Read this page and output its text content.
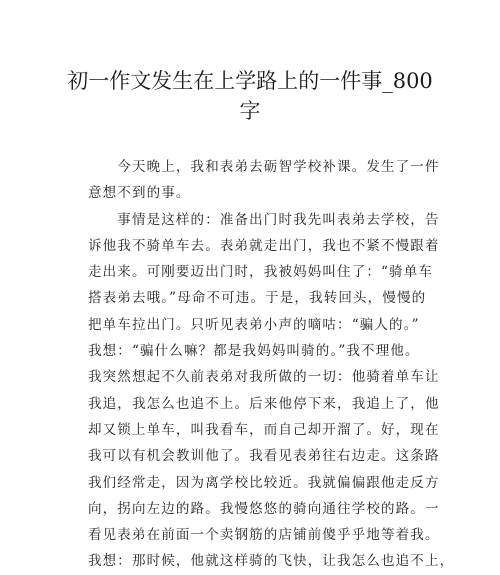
初一作文发生在上学路上的一件事_800
字
　　今天晚上，我和表弟去砺智学校补课。发生了一件
意想不到的事。
　　事情是这样的：准备出门时我先叫表弟去学校，告
诉他我不骑单车去。表弟就走出门，我也不紧不慢跟着
走出来。可刚要迈出门时，我被妈妈叫住了：“骑单车
搭表弟去哦。”母命不可违。于是，我转回头，慢慢的
把单车拉出门。只听见表弟小声的嘀咕：“骗人的。”
我想：“骗什么嘛？都是我妈妈叫骑的。”我不理他。
我突然想起不久前表弟对我所做的一切：他骑着单车让
我追，我怎么也追不上。后来他停下来，我追上了，他
却又锁上单车，叫我看车，而自己却开溜了。好，现在
我可以有机会教训他了。我看见表弟往右边走。这条路
我们经常走，因为离学校比较近。我就偏偏跟他走反方
向，拐向左边的路。我慢悠悠的骑向通往学校的路。一
看见表弟在前面一个卖钢筋的店铺前傻乎乎地等着我。
我想：那时候，他就这样骑的飞快，让我怎么也追不上，
